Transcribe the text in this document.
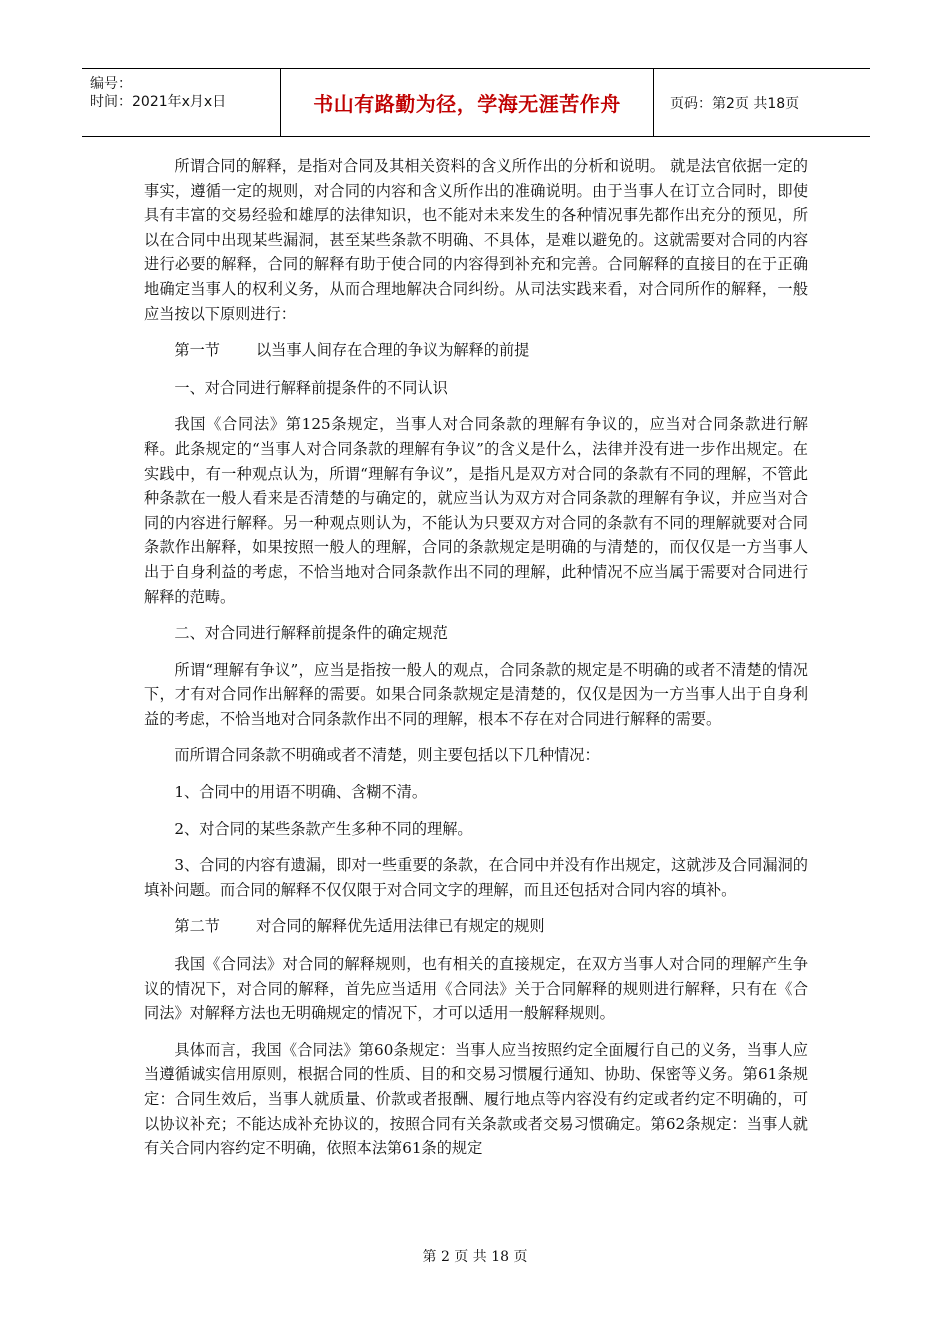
编号：
时间：2021年x月x日	书山有路勤为径，学海无涯苦作舟	页码：第2页 共18页

所谓合同的解释，是指对合同及其相关资料的含义所作出的分析和说明。 就是法官依据一定的事实，遵循一定的规则，对合同的内容和含义所作出的准确说明。由于当事人在订立合同时，即使具有丰富的交易经验和雄厚的法律知识，也不能对未来发生的各种情况事先都作出充分的预见，所以在合同中出现某些漏洞，甚至某些条款不明确、不具体，是难以避免的。这就需要对合同的内容进行必要的解释，合同的解释有助于使合同的内容得到补充和完善。合同解释的直接目的在于正确地确定当事人的权利义务，从而合理地解决合同纠纷。从司法实践来看，对合同所作的解释，一般应当按以下原则进行：

第一节 以当事人间存在合理的争议为解释的前提

一、对合同进行解释前提条件的不同认识

我国《合同法》第125条规定，当事人对合同条款的理解有争议的，应当对合同条款进行解释。此条规定的“当事人对合同条款的理解有争议”的含义是什么，法律并没有进一步作出规定。在实践中，有一种观点认为，所谓“理解有争议”，是指凡是双方对合同的条款有不同的理解，不管此种条款在一般人看来是否清楚的与确定的，就应当认为双方对合同条款的理解有争议，并应当对合同的内容进行解释。另一种观点则认为，不能认为只要双方对合同的条款有不同的理解就要对合同条款作出解释，如果按照一般人的理解，合同的条款规定是明确的与清楚的，而仅仅是一方当事人出于自身利益的考虑，不恰当地对合同条款作出不同的理解，此种情况不应当属于需要对合同进行解释的范畴。

二、对合同进行解释前提条件的确定规范

所谓“理解有争议”，应当是指按一般人的观点，合同条款的规定是不明确的或者不清楚的情况下，才有对合同作出解释的需要。如果合同条款规定是清楚的，仅仅是因为一方当事人出于自身利益的考虑，不恰当地对合同条款作出不同的理解，根本不存在对合同进行解释的需要。

而所谓合同条款不明确或者不清楚，则主要包括以下几种情况：

1、合同中的用语不明确、含糊不清。

2、对合同的某些条款产生多种不同的理解。

3、合同的内容有遗漏，即对一些重要的条款，在合同中并没有作出规定，这就涉及合同漏洞的填补问题。而合同的解释不仅仅限于对合同文字的理解，而且还包括对合同内容的填补。

第二节 对合同的解释优先适用法律已有规定的规则

我国《合同法》对合同的解释规则，也有相关的直接规定，在双方当事人对合同的理解产生争议的情况下，对合同的解释，首先应当适用《合同法》关于合同解释的规则进行解释，只有在《合同法》对解释方法也无明确规定的情况下，才可以适用一般解释规则。

具体而言，我国《合同法》第60条规定：当事人应当按照约定全面履行自己的义务，当事人应当遵循诚实信用原则，根据合同的性质、目的和交易习惯履行通知、协助、保密等义务。第61条规定：合同生效后，当事人就质量、价款或者报酬、履行地点等内容没有约定或者约定不明确的，可以协议补充；不能达成补充协议的，按照合同有关条款或者交易习惯确定。第62条规定：当事人就有关合同内容约定不明确，依照本法第61条的规定

第 2 页 共 18 页
